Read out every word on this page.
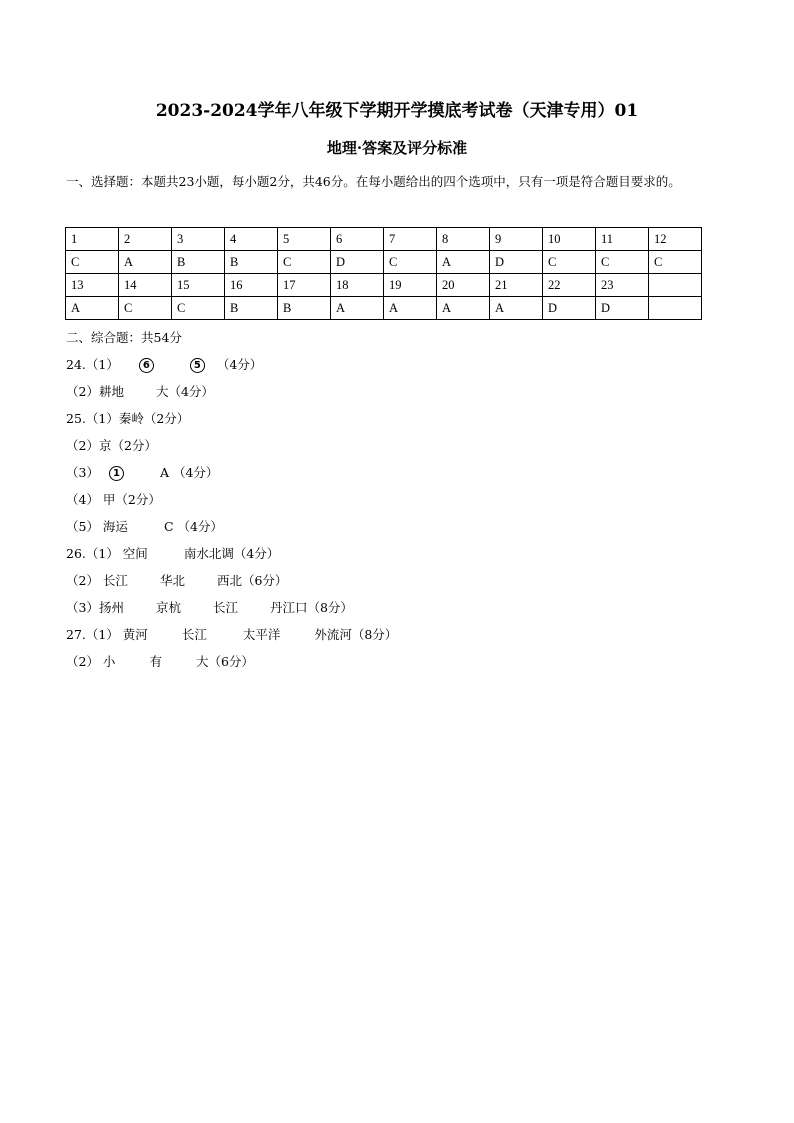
2023-2024学年八年级下学期开学摸底考试卷（天津专用）01
地理·答案及评分标准
一、选择题：本题共23小题，每小题2分，共46分。在每小题给出的四个选项中，只有一项是符合题目要求的。
1	2	3	4	5	6	7	8	9	10	11	12
C	A	B	B	C	D	C	A	D	C	C	C
13	14	15	16	17	18	19	20	21	22	23	
A	C	C	B	B	A	A	A	A	D	D	
二、综合题：共54分
24.（1） 6	5 （4分）
（2）耕地	大（4分）
25.（1）秦岭（2分）
（2）京（2分）
（3） 1	A （4分）
（4） 甲（2分）
（5） 海运	C （4分）
26.（1） 空间	南水北调（4分）
（2） 长江	华北	西北（6分）
（3）扬州	京杭	长江	丹江口（8分）
27.（1） 黄河	长江	太平洋	外流河（8分）
（2） 小	有	大（6分）
